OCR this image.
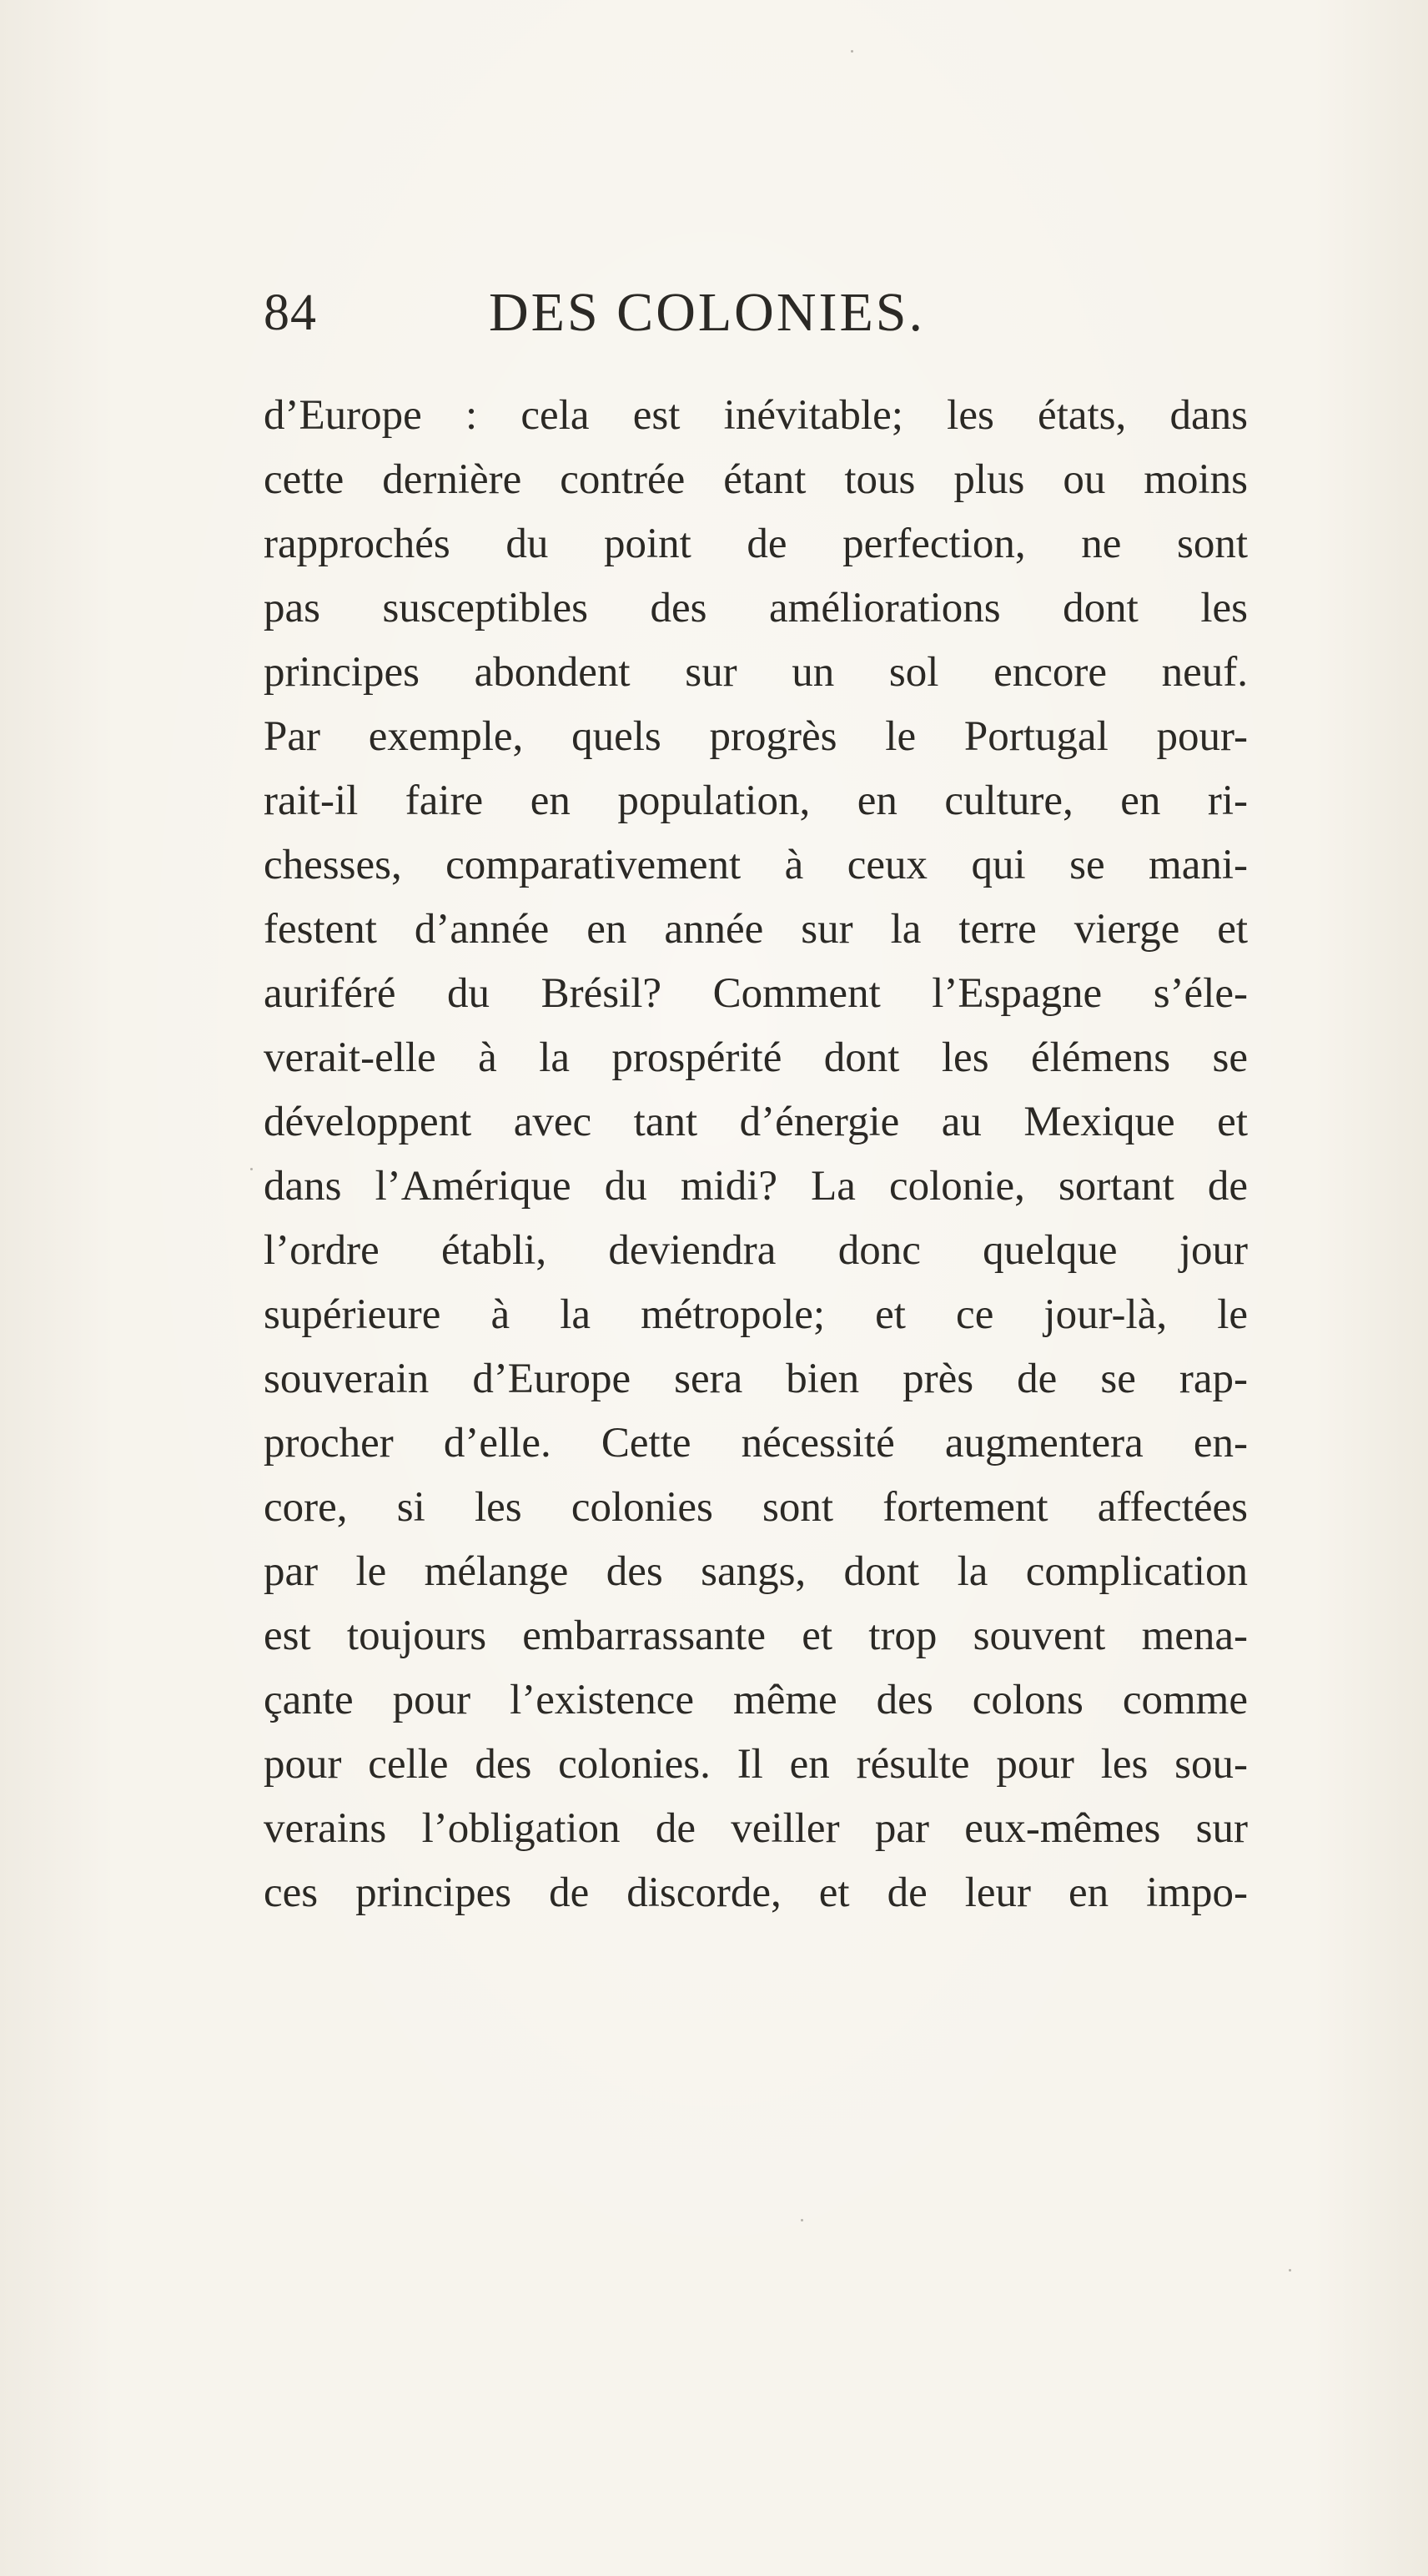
84	DES COLONIES.
d’Europe : cela est inévitable; les états, dans
cette dernière contrée étant tous plus ou moins
rapprochés du point de perfection, ne sont
pas susceptibles des améliorations dont les
principes abondent sur un sol encore neuf.
Par exemple, quels progrès le Portugal pour-
rait-il faire en population, en culture, en ri-
chesses, comparativement à ceux qui se mani-
festent d’année en année sur la terre vierge et
auriféré du Brésil? Comment l’Espagne s’éle-
verait-elle à la prospérité dont les élémens se
développent avec tant d’énergie au Mexique et
dans l’Amérique du midi? La colonie, sortant de
l’ordre établi, deviendra donc quelque jour
supérieure à la métropole; et ce jour-là, le
souverain d’Europe sera bien près de se rap-
procher d’elle. Cette nécessité augmentera en-
core, si les colonies sont fortement affectées
par le mélange des sangs, dont la complication
est toujours embarrassante et trop souvent mena-
çante pour l’existence même des colons comme
pour celle des colonies. Il en résulte pour les sou-
verains l’obligation de veiller par eux-mêmes sur
ces principes de discorde, et de leur en impo-
